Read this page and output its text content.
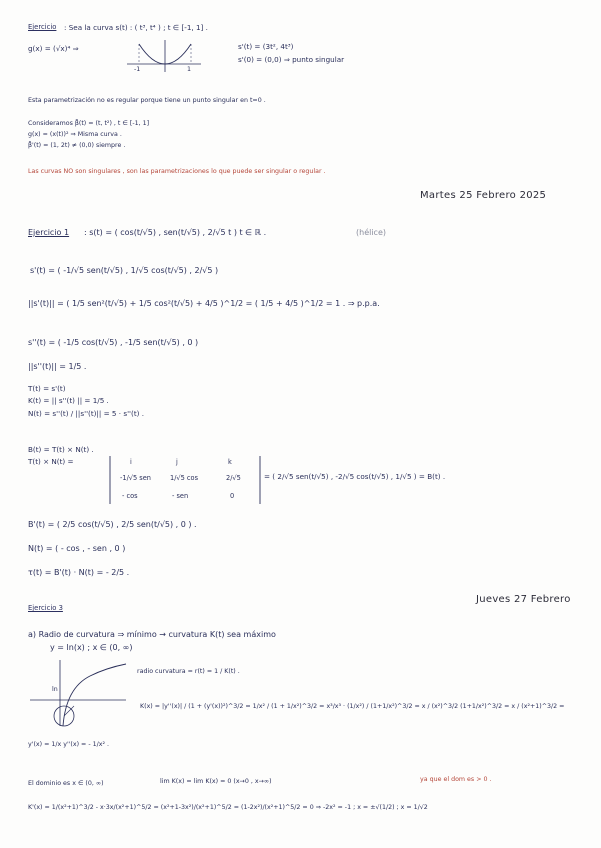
Ejercicio : Sea la curva s(t) : ( t³, t⁴ ) ; t ∈ [-1, 1] .
g(x) = (√x)⁴ ⇒
-1	1
s'(t) = (3t², 4t³)
s'(0) = (0,0) ⇒ punto singular
Esta parametrización no es regular porque tiene un punto singular en t=0 .
Consideramos β̃(t) = (t, t²) , t ∈ [-1, 1]
g(x) = (x(t))² ⇒ Misma curva .
β̃'(t) = (1, 2t) ≠ (0,0) siempre .
Las curvas NO son singulares , son las parametrizaciones lo que puede ser singular o regular .
Martes 25 Febrero 2025
Ejercicio 1 : s(t) = ( cos(t/√5) , sen(t/√5) , 2/√5 t ) t ∈ ℝ .	(hélice)
s'(t) = ( -1/√5 sen(t/√5) , 1/√5 cos(t/√5) , 2/√5 )
||s'(t)|| = ( 1/5 sen²(t/√5) + 1/5 cos²(t/√5) + 4/5 )^1/2 = ( 1/5 + 4/5 )^1/2 = 1 . ⇒ p.p.a.
s''(t) = ( -1/5 cos(t/√5) , -1/5 sen(t/√5) , 0 )
||s''(t)|| = 1/5 .
T(t) = s'(t)
K(t) = || s''(t) || = 1/5 .
N(t) = s''(t) / ||s''(t)|| = 5 · s''(t) .
B(t) = T(t) × N(t) .
T(t) × N(t) =	i	j	k
-1/√5 sen	1/√5 cos	2/√5
- cos	- sen	0
= ( 2/√5 sen(t/√5) , -2/√5 cos(t/√5) , 1/√5 ) = B(t) .
B'(t) = ( 2/5 cos(t/√5) , 2/5 sen(t/√5) , 0 ) .
N(t) = ( - cos , - sen , 0 )
τ(t) = B'(t) · N(t) = - 2/5 .
Ejercicio 3
Jueves 27 Febrero
a) Radio de curvatura ⇒ mínimo → curvatura K(t) sea máximo
y = ln(x) ; x ∈ (0, ∞)
ln
radio curvatura = r(t) = 1 / K(t) .
K(x) = |y''(x)| / (1 + (y'(x))²)^3/2 = 1/x² / (1 + 1/x²)^3/2 = x³/x³ · (1/x²) / (1+1/x²)^3/2 = x / (x²)^3/2 (1+1/x²)^3/2 = x / (x²+1)^3/2 =
y'(x) = 1/x y''(x) = - 1/x² .
ya que el dom es > 0 .
El dominio es x ∈ (0, ∞)	lim K(x) = lim K(x) = 0 (x→0 , x→∞)
K'(x) = 1/(x²+1)^3/2 - x·3x/(x²+1)^5/2 = (x²+1-3x²)/(x²+1)^5/2 = (1-2x²)/(x²+1)^5/2 = 0 ⇒ -2x² = -1 ; x = ±√(1/2) ; x = 1/√2
